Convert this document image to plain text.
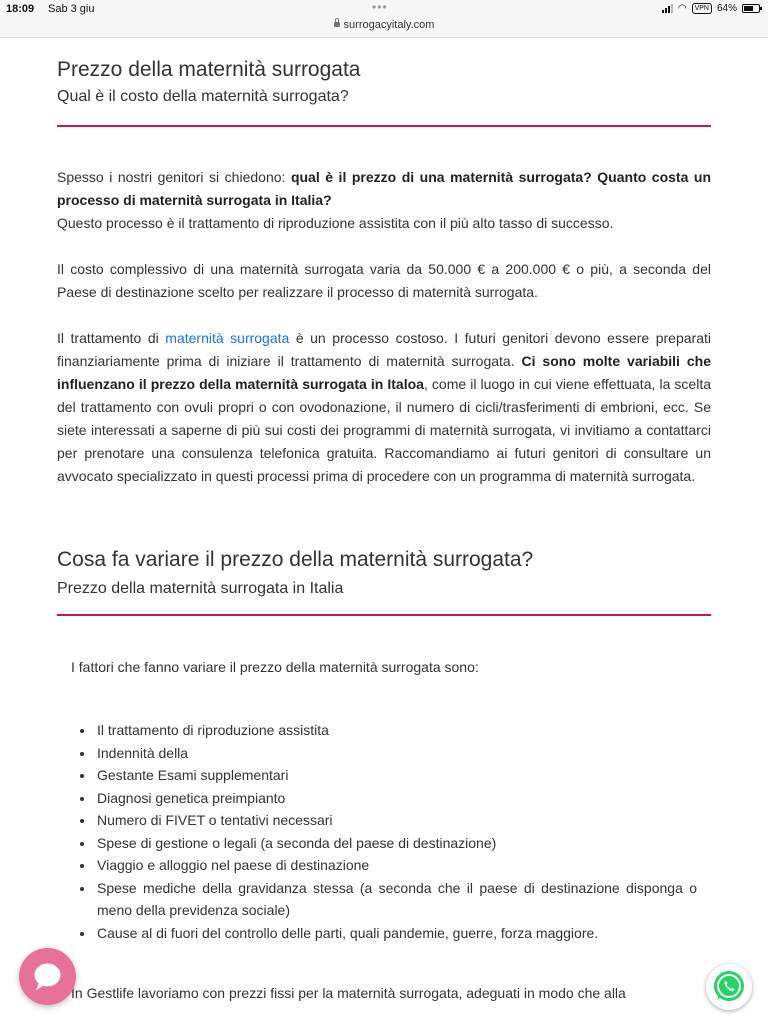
18:09 Sab 3 giu	•••
surrogacyitaly.com
◠	VPN 64%
Prezzo della maternità surrogata
Qual è il costo della maternità surrogata?

Spesso i nostri genitori si chiedono: qual è il prezzo di una maternità surrogata? Quanto costa un processo di maternità surrogata in Italia?
Questo processo è il trattamento di riproduzione assistita con il più alto tasso di successo.

Il costo complessivo di una maternità surrogata varia da 50.000 € a 200.000 € o più, a seconda del Paese di destinazione scelto per realizzare il processo di maternità surrogata.

Il trattamento di maternità surrogata è un processo costoso. I futuri genitori devono essere preparati finanziariamente prima di iniziare il trattamento di maternità surrogata. Ci sono molte variabili che influenzano il prezzo della maternità surrogata in Italoa, come il luogo in cui viene effettuata, la scelta del trattamento con ovuli propri o con ovodonazione, il numero di cicli/trasferimenti di embrioni, ecc. Se siete interessati a saperne di più sui costi dei programmi di maternità surrogata, vi invitiamo a contattarci per prenotare una consulenza telefonica gratuita. Raccomandiamo ai futuri genitori di consultare un avvocato specializzato in questi processi prima di procedere con un programma di maternità surrogata.

Cosa fa variare il prezzo della maternità surrogata?
Prezzo della maternità surrogata in Italia

I fattori che fanno variare il prezzo della maternità surrogata sono:

• Il trattamento di riproduzione assistita
• Indennità della
• Gestante Esami supplementari
• Diagnosi genetica preimpianto
• Numero di FIVET o tentativi necessari
• Spese di gestione o legali (a seconda del paese di destinazione)
• Viaggio e alloggio nel paese di destinazione
• Spese mediche della gravidanza stessa (a seconda che il paese di destinazione disponga o meno della previdenza sociale)
• Cause al di fuori del controllo delle parti, quali pandemie, guerre, forza maggiore.

In Gestlife lavoriamo con prezzi fissi per la maternità surrogata, adeguati in modo che alla
